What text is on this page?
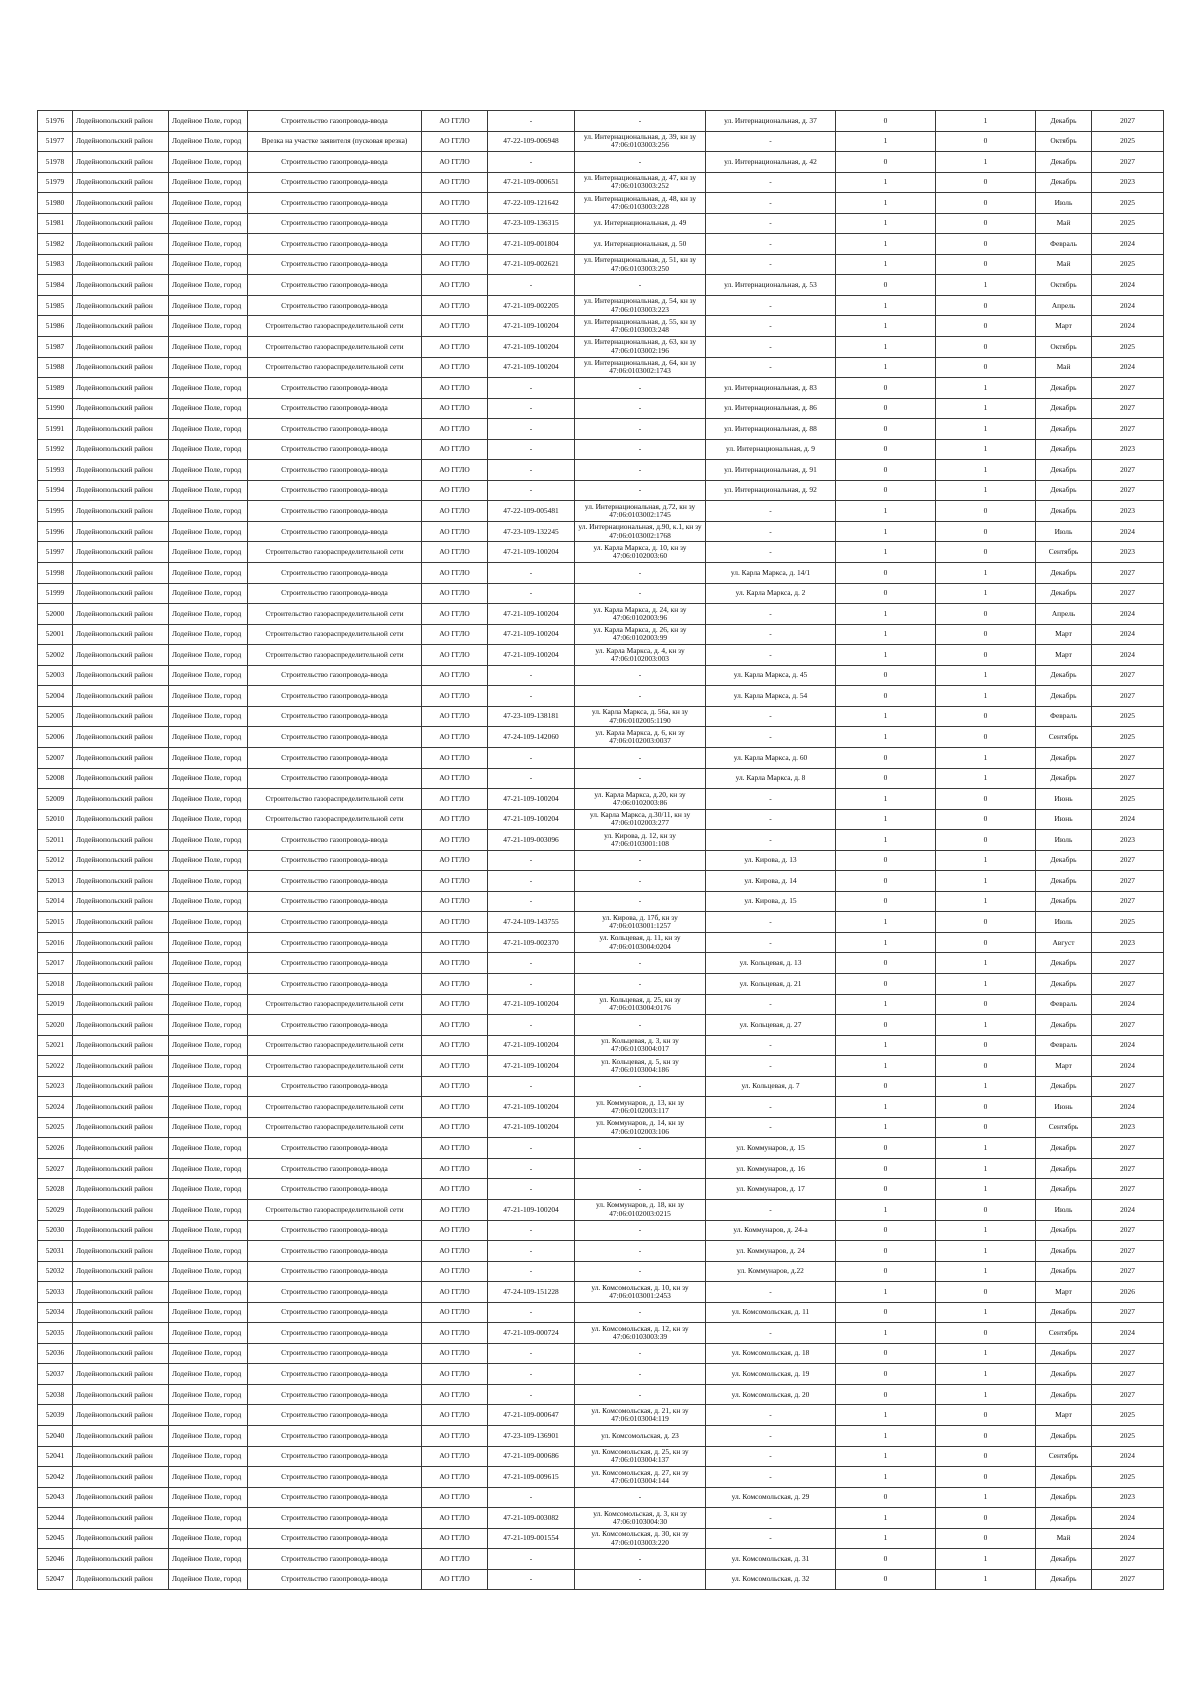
51976	Лодейнопольский район	Лодейное Поле, город	Строительство газопровода-ввода	АО ГГЛО	-	-	ул. Интернациональная, д. 37	0	1	Декабрь	2027
51977	Лодейнопольский район	Лодейное Поле, город	Врезка на участке заявителя (пусковая врезка)	АО ГГЛО	47-22-109-006948	ул. Интернациональная, д. 39, кн зу 47:06:0103003:256	-	1	0	Октябрь	2025
51978	Лодейнопольский район	Лодейное Поле, город	Строительство газопровода-ввода	АО ГГЛО	-	-	ул. Интернациональная, д. 42	0	1	Декабрь	2027
51979	Лодейнопольский район	Лодейное Поле, город	Строительство газопровода-ввода	АО ГГЛО	47-21-109-000651	ул. Интернациональная, д. 47, кн зу 47:06:0103003:252	-	1	0	Декабрь	2023
51980	Лодейнопольский район	Лодейное Поле, город	Строительство газопровода-ввода	АО ГГЛО	47-22-109-121642	ул. Интернациональная, д. 48, кн зу 47:06:0103003:228	-	1	0	Июль	2025
51981	Лодейнопольский район	Лодейное Поле, город	Строительство газопровода-ввода	АО ГГЛО	47-23-109-136315	ул. Интернациональная, д. 49	-	1	0	Май	2025
51982	Лодейнопольский район	Лодейное Поле, город	Строительство газопровода-ввода	АО ГГЛО	47-21-109-001804	ул. Интернациональная, д. 50	-	1	0	Февраль	2024
51983	Лодейнопольский район	Лодейное Поле, город	Строительство газопровода-ввода	АО ГГЛО	47-21-109-002621	ул. Интернациональная, д. 51, кн зу 47:06:0103003:250	-	1	0	Май	2025
51984	Лодейнопольский район	Лодейное Поле, город	Строительство газопровода-ввода	АО ГГЛО	-	-	ул. Интернациональная, д. 53	0	1	Октябрь	2024
51985	Лодейнопольский район	Лодейное Поле, город	Строительство газопровода-ввода	АО ГГЛО	47-21-109-002205	ул. Интернациональная, д. 54, кн зу 47:06:0103003:223	-	1	0	Апрель	2024
51986	Лодейнопольский район	Лодейное Поле, город	Строительство газораспределительной сети	АО ГГЛО	47-21-109-100204	ул. Интернациональная, д. 55, кн зу 47:06:0103003:248	-	1	0	Март	2024
51987	Лодейнопольский район	Лодейное Поле, город	Строительство газораспределительной сети	АО ГГЛО	47-21-109-100204	ул. Интернациональная, д. 63, кн зу 47:06:0103002:196	-	1	0	Октябрь	2025
51988	Лодейнопольский район	Лодейное Поле, город	Строительство газораспределительной сети	АО ГГЛО	47-21-109-100204	ул. Интернациональная, д. 64, кн зу 47:06:0103002:1743	-	1	0	Май	2024
51989	Лодейнопольский район	Лодейное Поле, город	Строительство газопровода-ввода	АО ГГЛО	-	-	ул. Интернациональная, д. 83	0	1	Декабрь	2027
51990	Лодейнопольский район	Лодейное Поле, город	Строительство газопровода-ввода	АО ГГЛО	-	-	ул. Интернациональная, д. 86	0	1	Декабрь	2027
51991	Лодейнопольский район	Лодейное Поле, город	Строительство газопровода-ввода	АО ГГЛО	-	-	ул. Интернациональная, д. 88	0	1	Декабрь	2027
51992	Лодейнопольский район	Лодейное Поле, город	Строительство газопровода-ввода	АО ГГЛО	-	-	ул. Интернациональная, д. 9	0	1	Декабрь	2023
51993	Лодейнопольский район	Лодейное Поле, город	Строительство газопровода-ввода	АО ГГЛО	-	-	ул. Интернациональная, д. 91	0	1	Декабрь	2027
51994	Лодейнопольский район	Лодейное Поле, город	Строительство газопровода-ввода	АО ГГЛО	-	-	ул. Интернациональная, д. 92	0	1	Декабрь	2027
51995	Лодейнопольский район	Лодейное Поле, город	Строительство газопровода-ввода	АО ГГЛО	47-22-109-005481	ул. Интернациональная, д.72, кн зу 47:06:0103002:1745	-	1	0	Декабрь	2023
51996	Лодейнопольский район	Лодейное Поле, город	Строительство газопровода-ввода	АО ГГЛО	47-23-109-132245	ул. Интернациональная, д.90, к.1, кн зу 47:06:0103002:1768	-	1	0	Июль	2024
51997	Лодейнопольский район	Лодейное Поле, город	Строительство газораспределительной сети	АО ГГЛО	47-21-109-100204	ул. Карла Маркса, д. 10, кн зу 47:06:0102003:60	-	1	0	Сентябрь	2023
51998	Лодейнопольский район	Лодейное Поле, город	Строительство газопровода-ввода	АО ГГЛО	-	-	ул. Карла Маркса, д. 14/1	0	1	Декабрь	2027
51999	Лодейнопольский район	Лодейное Поле, город	Строительство газопровода-ввода	АО ГГЛО	-	-	ул. Карла Маркса, д. 2	0	1	Декабрь	2027
52000	Лодейнопольский район	Лодейное Поле, город	Строительство газораспределительной сети	АО ГГЛО	47-21-109-100204	ул. Карла Маркса, д. 24, кн зу 47:06:0102003:96	-	1	0	Апрель	2024
52001	Лодейнопольский район	Лодейное Поле, город	Строительство газораспределительной сети	АО ГГЛО	47-21-109-100204	ул. Карла Маркса, д. 26, кн зу 47:06:0102003:99	-	1	0	Март	2024
52002	Лодейнопольский район	Лодейное Поле, город	Строительство газораспределительной сети	АО ГГЛО	47-21-109-100204	ул. Карла Маркса, д. 4, кн зу 47:06:0102003:003	-	1	0	Март	2024
52003	Лодейнопольский район	Лодейное Поле, город	Строительство газопровода-ввода	АО ГГЛО	-	-	ул. Карла Маркса, д. 45	0	1	Декабрь	2027
52004	Лодейнопольский район	Лодейное Поле, город	Строительство газопровода-ввода	АО ГГЛО	-	-	ул. Карла Маркса, д. 54	0	1	Декабрь	2027
52005	Лодейнопольский район	Лодейное Поле, город	Строительство газопровода-ввода	АО ГГЛО	47-23-109-138181	ул. Карла Маркса, д. 56а, кн зу 47:06:0102005:1190	-	1	0	Февраль	2025
52006	Лодейнопольский район	Лодейное Поле, город	Строительство газопровода-ввода	АО ГГЛО	47-24-109-142060	ул. Карла Маркса, д. 6, кн зу 47:06:0102003:0037	-	1	0	Сентябрь	2025
52007	Лодейнопольский район	Лодейное Поле, город	Строительство газопровода-ввода	АО ГГЛО	-	-	ул. Карла Маркса, д. 60	0	1	Декабрь	2027
52008	Лодейнопольский район	Лодейное Поле, город	Строительство газопровода-ввода	АО ГГЛО	-	-	ул. Карла Маркса, д. 8	0	1	Декабрь	2027
52009	Лодейнопольский район	Лодейное Поле, город	Строительство газораспределительной сети	АО ГГЛО	47-21-109-100204	ул. Карла Маркса, д.20, кн зу 47:06:0102003:86	-	1	0	Июнь	2025
52010	Лодейнопольский район	Лодейное Поле, город	Строительство газораспределительной сети	АО ГГЛО	47-21-109-100204	ул. Карла Маркса, д.30/11, кн зу 47:06:0102003:277	-	1	0	Июнь	2024
52011	Лодейнопольский район	Лодейное Поле, город	Строительство газопровода-ввода	АО ГГЛО	47-21-109-003096	ул. Кирова, д. 12, кн зу 47:06:0103001:108	-	1	0	Июль	2023
52012	Лодейнопольский район	Лодейное Поле, город	Строительство газопровода-ввода	АО ГГЛО	-	-	ул. Кирова, д. 13	0	1	Декабрь	2027
52013	Лодейнопольский район	Лодейное Поле, город	Строительство газопровода-ввода	АО ГГЛО	-	-	ул. Кирова, д. 14	0	1	Декабрь	2027
52014	Лодейнопольский район	Лодейное Поле, город	Строительство газопровода-ввода	АО ГГЛО	-	-	ул. Кирова, д. 15	0	1	Декабрь	2027
52015	Лодейнопольский район	Лодейное Поле, город	Строительство газопровода-ввода	АО ГГЛО	47-24-109-143755	ул. Кирова, д. 17б, кн зу 47:06:0103001:1257	-	1	0	Июль	2025
52016	Лодейнопольский район	Лодейное Поле, город	Строительство газопровода-ввода	АО ГГЛО	47-21-109-002370	ул. Кольцевая, д. 11, кн зу 47:06:0103004:0204	-	1	0	Август	2023
52017	Лодейнопольский район	Лодейное Поле, город	Строительство газопровода-ввода	АО ГГЛО	-	-	ул. Кольцевая, д. 13	0	1	Декабрь	2027
52018	Лодейнопольский район	Лодейное Поле, город	Строительство газопровода-ввода	АО ГГЛО	-	-	ул. Кольцевая, д. 21	0	1	Декабрь	2027
52019	Лодейнопольский район	Лодейное Поле, город	Строительство газораспределительной сети	АО ГГЛО	47-21-109-100204	ул. Кольцевая, д. 25, кн зу 47:06:0103004:0176	-	1	0	Февраль	2024
52020	Лодейнопольский район	Лодейное Поле, город	Строительство газопровода-ввода	АО ГГЛО	-	-	ул. Кольцевая, д. 27	0	1	Декабрь	2027
52021	Лодейнопольский район	Лодейное Поле, город	Строительство газораспределительной сети	АО ГГЛО	47-21-109-100204	ул. Кольцевая, д. 3, кн зу 47:06:0103004:017	-	1	0	Февраль	2024
52022	Лодейнопольский район	Лодейное Поле, город	Строительство газораспределительной сети	АО ГГЛО	47-21-109-100204	ул. Кольцевая, д. 5, кн зу 47:06:0103004:186	-	1	0	Март	2024
52023	Лодейнопольский район	Лодейное Поле, город	Строительство газопровода-ввода	АО ГГЛО	-	-	ул. Кольцевая, д. 7	0	1	Декабрь	2027
52024	Лодейнопольский район	Лодейное Поле, город	Строительство газораспределительной сети	АО ГГЛО	47-21-109-100204	ул. Коммунаров, д. 13, кн зу 47:06:0102003:117	-	1	0	Июнь	2024
52025	Лодейнопольский район	Лодейное Поле, город	Строительство газораспределительной сети	АО ГГЛО	47-21-109-100204	ул. Коммунаров, д. 14, кн зу 47:06:0102003:106	-	1	0	Сентябрь	2023
52026	Лодейнопольский район	Лодейное Поле, город	Строительство газопровода-ввода	АО ГГЛО	-	-	ул. Коммунаров, д. 15	0	1	Декабрь	2027
52027	Лодейнопольский район	Лодейное Поле, город	Строительство газопровода-ввода	АО ГГЛО	-	-	ул. Коммунаров, д. 16	0	1	Декабрь	2027
52028	Лодейнопольский район	Лодейное Поле, город	Строительство газопровода-ввода	АО ГГЛО	-	-	ул. Коммунаров, д. 17	0	1	Декабрь	2027
52029	Лодейнопольский район	Лодейное Поле, город	Строительство газораспределительной сети	АО ГГЛО	47-21-109-100204	ул. Коммунаров, д. 18, кн зу 47:06:0102003:0215	-	1	0	Июль	2024
52030	Лодейнопольский район	Лодейное Поле, город	Строительство газопровода-ввода	АО ГГЛО	-	-	ул. Коммунаров, д. 24-а	0	1	Декабрь	2027
52031	Лодейнопольский район	Лодейное Поле, город	Строительство газопровода-ввода	АО ГГЛО	-	-	ул. Коммунаров, д. 24	0	1	Декабрь	2027
52032	Лодейнопольский район	Лодейное Поле, город	Строительство газопровода-ввода	АО ГГЛО	-	-	ул. Коммунаров, д.22	0	1	Декабрь	2027
52033	Лодейнопольский район	Лодейное Поле, город	Строительство газопровода-ввода	АО ГГЛО	47-24-109-151228	ул. Комсомольская, д. 10, кн зу 47:06:0103001:2453	-	1	0	Март	2026
52034	Лодейнопольский район	Лодейное Поле, город	Строительство газопровода-ввода	АО ГГЛО	-	-	ул. Комсомольская, д. 11	0	1	Декабрь	2027
52035	Лодейнопольский район	Лодейное Поле, город	Строительство газопровода-ввода	АО ГГЛО	47-21-109-000724	ул. Комсомольская, д. 12, кн зу 47:06:0103003:39	-	1	0	Сентябрь	2024
52036	Лодейнопольский район	Лодейное Поле, город	Строительство газопровода-ввода	АО ГГЛО	-	-	ул. Комсомольская, д. 18	0	1	Декабрь	2027
52037	Лодейнопольский район	Лодейное Поле, город	Строительство газопровода-ввода	АО ГГЛО	-	-	ул. Комсомольская, д. 19	0	1	Декабрь	2027
52038	Лодейнопольский район	Лодейное Поле, город	Строительство газопровода-ввода	АО ГГЛО	-	-	ул. Комсомольская, д. 20	0	1	Декабрь	2027
52039	Лодейнопольский район	Лодейное Поле, город	Строительство газопровода-ввода	АО ГГЛО	47-21-109-000647	ул. Комсомольская, д. 21, кн зу 47:06:0103004:119	-	1	0	Март	2025
52040	Лодейнопольский район	Лодейное Поле, город	Строительство газопровода-ввода	АО ГГЛО	47-23-109-136901	ул. Комсомольская, д. 23	-	1	0	Декабрь	2025
52041	Лодейнопольский район	Лодейное Поле, город	Строительство газопровода-ввода	АО ГГЛО	47-21-109-000686	ул. Комсомольская, д. 25, кн зу 47:06:0103004:137	-	1	0	Сентябрь	2024
52042	Лодейнопольский район	Лодейное Поле, город	Строительство газопровода-ввода	АО ГГЛО	47-21-109-009615	ул. Комсомольская, д. 27, кн зу 47:06:0103004:144	-	1	0	Декабрь	2025
52043	Лодейнопольский район	Лодейное Поле, город	Строительство газопровода-ввода	АО ГГЛО	-	-	ул. Комсомольская, д. 29	0	1	Декабрь	2023
52044	Лодейнопольский район	Лодейное Поле, город	Строительство газопровода-ввода	АО ГГЛО	47-21-109-003082	ул. Комсомольская, д. 3, кн зу 47:06:0103004:30	-	1	0	Декабрь	2024
52045	Лодейнопольский район	Лодейное Поле, город	Строительство газопровода-ввода	АО ГГЛО	47-21-109-001554	ул. Комсомольская, д. 30, кн зу 47:06:0103003:220	-	1	0	Май	2024
52046	Лодейнопольский район	Лодейное Поле, город	Строительство газопровода-ввода	АО ГГЛО	-	-	ул. Комсомольская, д. 31	0	1	Декабрь	2027
52047	Лодейнопольский район	Лодейное Поле, город	Строительство газопровода-ввода	АО ГГЛО	-	-	ул. Комсомольская, д. 32	0	1	Декабрь	2027
